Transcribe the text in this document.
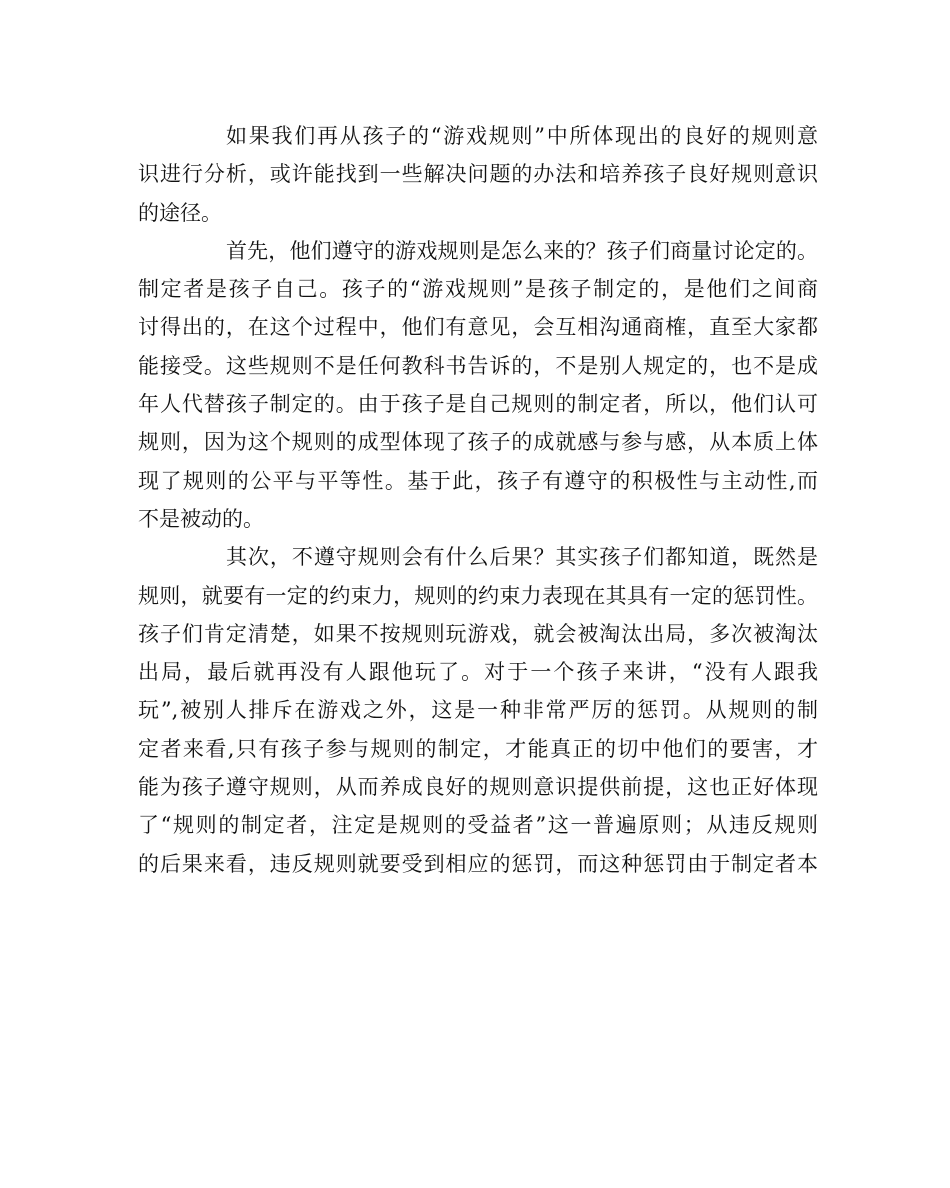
如果我们再从孩子的“游戏规则”中所体现出的良好的规则意
识进行分析，或许能找到一些解决问题的办法和培养孩子良好规则意识
的途径。
首先，他们遵守的游戏规则是怎么来的？孩子们商量讨论定的。
制定者是孩子自己。孩子的“游戏规则”是孩子制定的，是他们之间商
讨得出的，在这个过程中，他们有意见，会互相沟通商榷，直至大家都
能接受。这些规则不是任何教科书告诉的，不是别人规定的，也不是成
年人代替孩子制定的。由于孩子是自己规则的制定者，所以，他们认可
规则，因为这个规则的成型体现了孩子的成就感与参与感，从本质上体
现了规则的公平与平等性。基于此，孩子有遵守的积极性与主动性,而
不是被动的。
其次，不遵守规则会有什么后果？其实孩子们都知道，既然是
规则，就要有一定的约束力，规则的约束力表现在其具有一定的惩罚性。
孩子们肯定清楚，如果不按规则玩游戏，就会被淘汰出局，多次被淘汰
出局，最后就再没有人跟他玩了。对于一个孩子来讲，“没有人跟我
玩”,被别人排斥在游戏之外，这是一种非常严厉的惩罚。从规则的制
定者来看,只有孩子参与规则的制定，才能真正的切中他们的要害，才
能为孩子遵守规则，从而养成良好的规则意识提供前提，这也正好体现
了“规则的制定者，注定是规则的受益者”这一普遍原则；从违反规则
的后果来看，违反规则就要受到相应的惩罚，而这种惩罚由于制定者本
